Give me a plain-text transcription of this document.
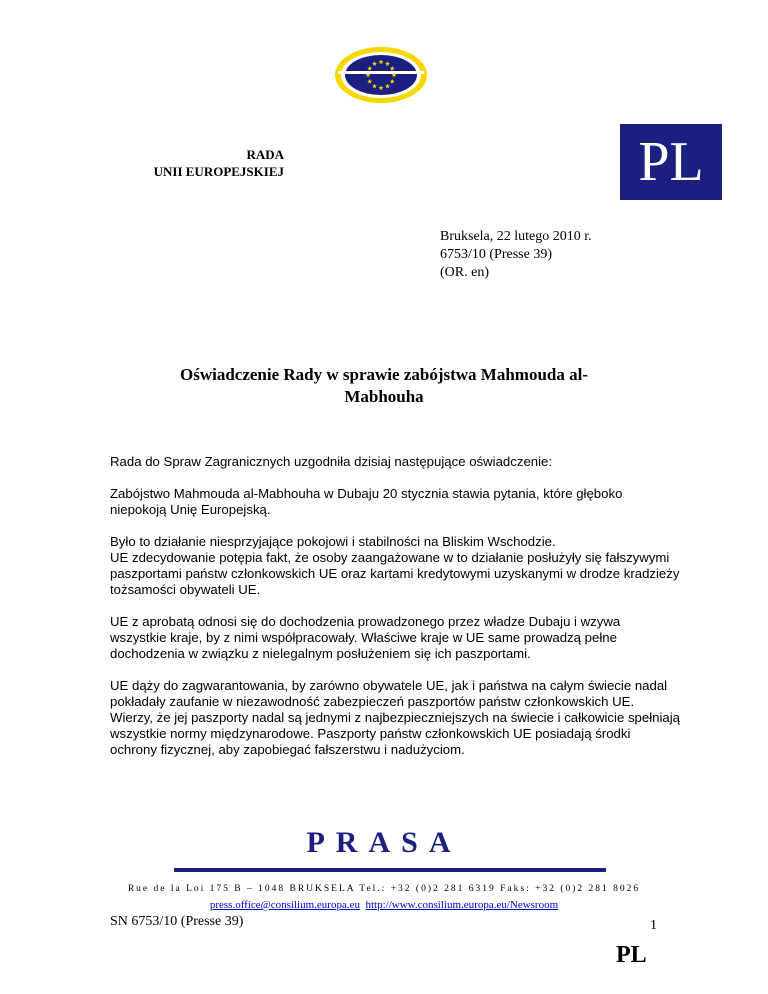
RADA
UNII EUROPEJSKIEJ	PL
Bruksela, 22 lutego 2010 r.
6753/10 (Presse 39)
(OR. en)
Oświadczenie Rady w sprawie zabójstwa Mahmouda al-
Mabhouha

Rada do Spraw Zagranicznych uzgodniła dzisiaj następujące oświadczenie:

Zabójstwo Mahmouda al-Mabhouha w Dubaju 20 stycznia stawia pytania, które głęboko niepokoją Unię Europejską.

Było to działanie niesprzyjające pokojowi i stabilności na Bliskim Wschodzie.
UE zdecydowanie potępia fakt, że osoby zaangażowane w to działanie posłużyły się fałszywymi paszportami państw członkowskich UE oraz kartami kredytowymi uzyskanymi w drodze kradzieży tożsamości obywateli UE.

UE z aprobatą odnosi się do dochodzenia prowadzonego przez władze Dubaju i wzywa wszystkie kraje, by z nimi współpracowały. Właściwe kraje w UE same prowadzą pełne dochodzenia w związku z nielegalnym posłużeniem się ich paszportami.

UE dąży do zagwarantowania, by zarówno obywatele UE, jak i państwa na całym świecie nadal pokładały zaufanie w niezawodność zabezpieczeń paszportów państw członkowskich UE. Wierzy, że jej paszporty nadal są jednymi z najbezpieczniejszych na świecie i całkowicie spełniają wszystkie normy międzynarodowe. Paszporty państw członkowskich UE posiadają środki ochrony fizycznej, aby zapobiegać fałszerstwu i nadużyciom.

PRASA
Rue de la Loi 175 B – 1048 BRUKSELA Tel.: +32 (0)2 281 6319 Faks: +32 (0)2 281 8026
press.office@consilium.europa.eu http://www.consilium.europa.eu/Newsroom
SN 6753/10 (Presse 39)	1
PL
